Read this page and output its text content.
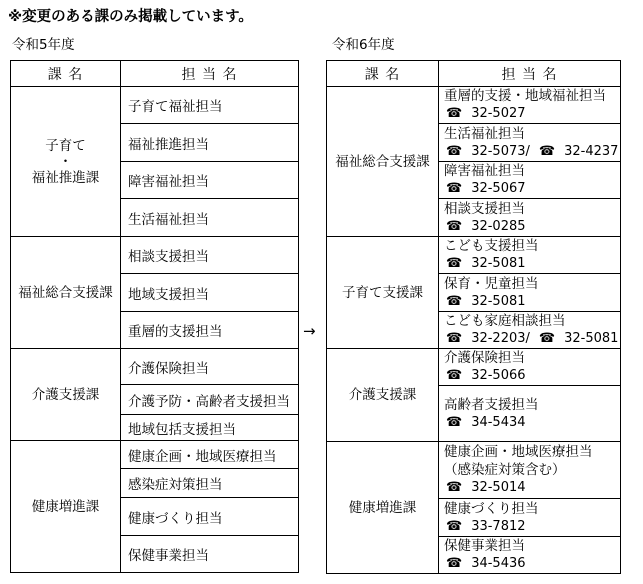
※変更のある課のみ掲載しています。
令和5年度	令和6年度
→
課 名	担 当 名

子育て
・
福祉推進課	子育て福祉担当
	福祉推進担当
	障害福祉担当
	生活福祉担当

福祉総合支援課	相談支援担当
	地域支援担当
	重層的支援担当

介護支援課	介護保険担当
	介護予防・高齢者支援担当
	地域包括支援担当

健康増進課	健康企画・地域医療担当
	感染症対策担当
	健康づくり担当
	保健事業担当
課 名	担 当 名
福祉総合支援課	重層的支援・地域福祉担当
☎32-5027

	生活福祉担当
☎32-5073/ ☎ 32-4237

	障害福祉担当
☎32-5067

	相談支援担当
☎32-0285

子育て支援課	こども支援担当
☎32-5081

	保育・児童担当
☎32-5081

	こども家庭相談担当
☎32-2203/ ☎ 32-5081

介護支援課	介護保険担当
☎32-5066

	高齢者支援担当
☎34-5434

健康増進課	健康企画・地域医療担当
（感染症対策含む）
☎32-5014

	健康づくり担当
☎33-7812

	保健事業担当
☎34-5436
